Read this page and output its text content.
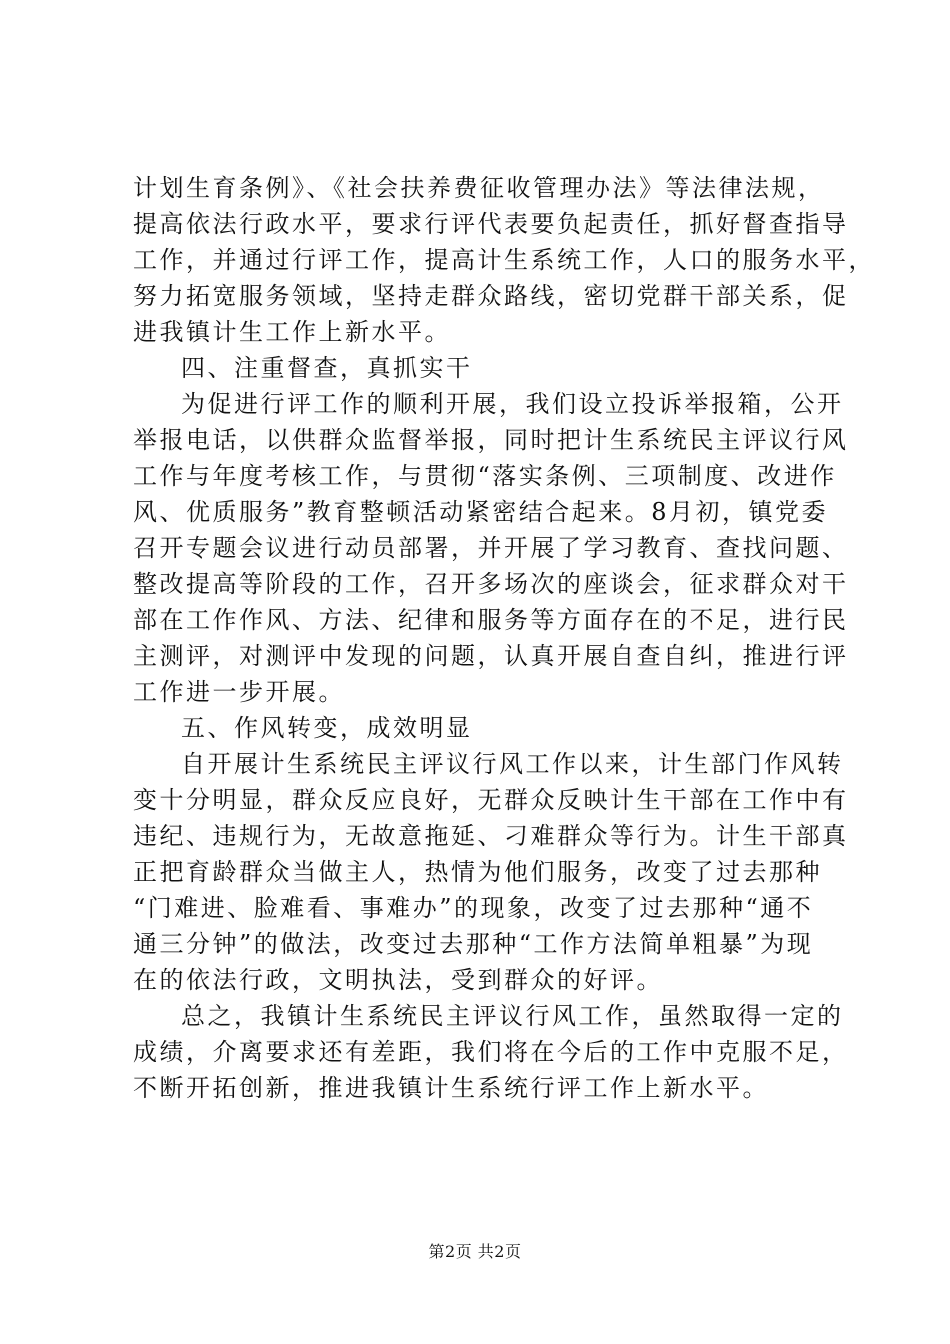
计划生育条例》、《社会扶养费征收管理办法》等法律法规，
提高依法行政水平，要求行评代表要负起责任，抓好督查指导
工作，并通过行评工作，提高计生系统工作，人口的服务水平，
努力拓宽服务领域，坚持走群众路线，密切党群干部关系，促
进我镇计生工作上新水平。
四、注重督查，真抓实干
为促进行评工作的顺利开展，我们设立投诉举报箱，公开
举报电话，以供群众监督举报，同时把计生系统民主评议行风
工作与年度考核工作，与贯彻“落实条例、三项制度、改进作
风、优质服务”教育整顿活动紧密结合起来。8月初，镇党委
召开专题会议进行动员部署，并开展了学习教育、查找问题、
整改提高等阶段的工作，召开多场次的座谈会，征求群众对干
部在工作作风、方法、纪律和服务等方面存在的不足，进行民
主测评，对测评中发现的问题，认真开展自查自纠，推进行评
工作进一步开展。
五、作风转变，成效明显
自开展计生系统民主评议行风工作以来，计生部门作风转
变十分明显，群众反应良好，无群众反映计生干部在工作中有
违纪、违规行为，无故意拖延、刁难群众等行为。计生干部真
正把育龄群众当做主人，热情为他们服务，改变了过去那种
“门难进、脸难看、事难办”的现象，改变了过去那种“通不
通三分钟”的做法，改变过去那种“工作方法简单粗暴”为现
在的依法行政，文明执法，受到群众的好评。
总之，我镇计生系统民主评议行风工作，虽然取得一定的
成绩，介离要求还有差距，我们将在今后的工作中克服不足，
不断开拓创新，推进我镇计生系统行评工作上新水平。
第2页 共2页
